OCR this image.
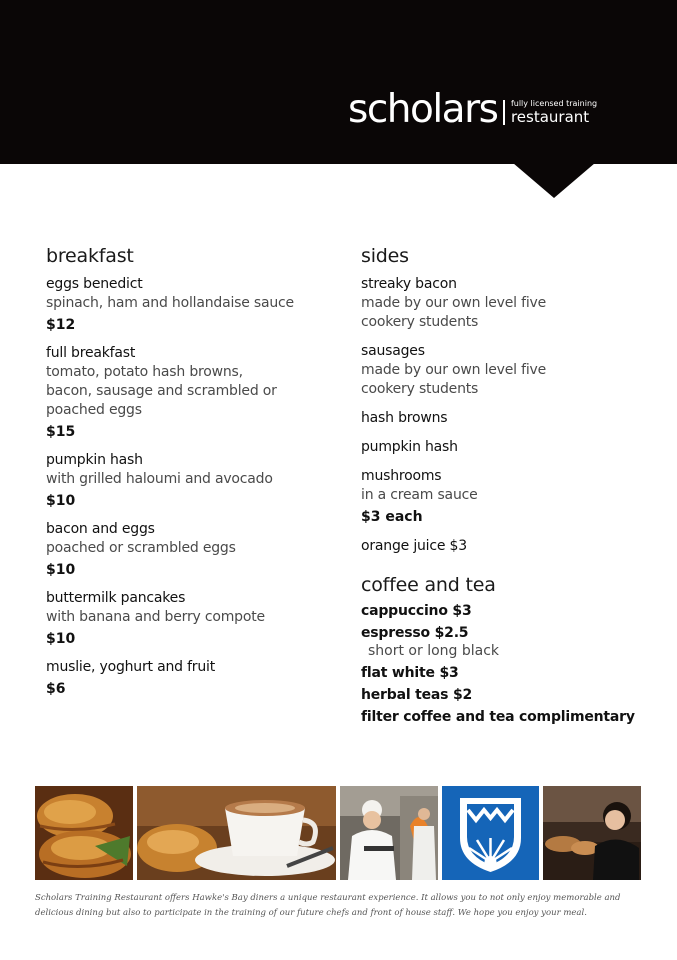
scholars fully licensed training
restaurant
breakfast
eggs benedict
spinach, ham and hollandaise sauce
$12
full breakfast
tomato, potato hash browns,
bacon, sausage and scrambled or
poached eggs
$15
pumpkin hash
with grilled haloumi and avocado
$10
bacon and eggs
poached or scrambled eggs
$10
buttermilk pancakes
with banana and berry compote
$10
muslie, yoghurt and fruit
$6
sides
streaky bacon
made by our own level five
cookery students
sausages
made by our own level five
cookery students
hash browns
pumpkin hash
mushrooms
in a cream sauce
$3 each
orange juice $3
coffee and tea
cappuccino $3
espresso $2.5
short or long black
flat white $3
herbal teas $2
filter coffee and tea complimentary
Scholars Training Restaurant offers Hawke's Bay diners a unique restaurant experience. It allows you to not only enjoy memorable and delicious dining but also to participate in the training of our future chefs and front of house staff. We hope you enjoy your meal.
